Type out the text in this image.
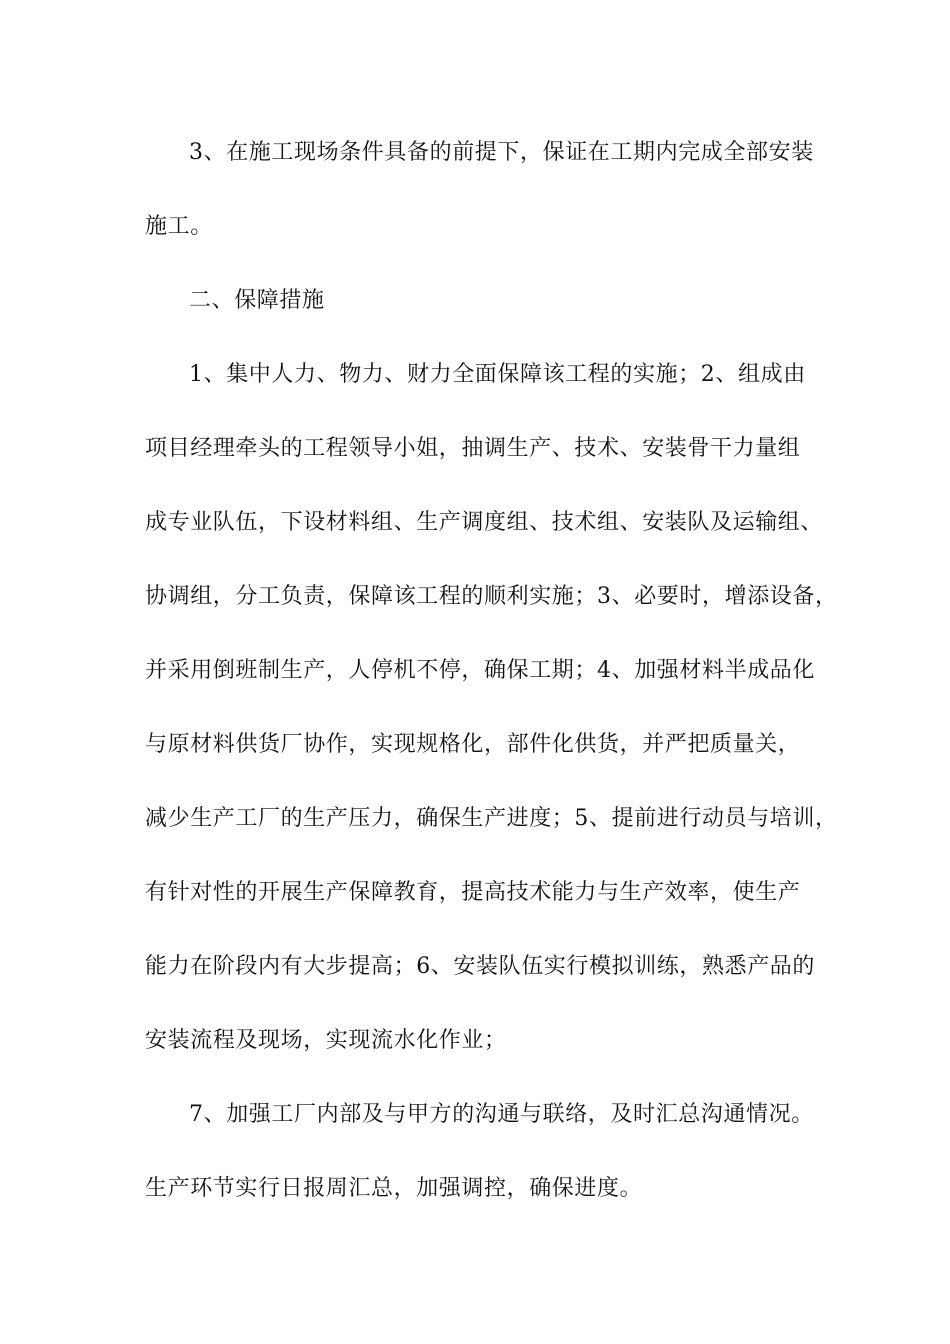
3、在施工现场条件具备的前提下，保证在工期内完成全部安装
施工。
二、保障措施
1、集中人力、物力、财力全面保障该工程的实施；2、组成由
项目经理牵头的工程领导小姐，抽调生产、技术、安装骨干力量组
成专业队伍，下设材料组、生产调度组、技术组、安装队及运输组、
协调组，分工负责，保障该工程的顺利实施；3、必要时，增添设备，
并采用倒班制生产，人停机不停，确保工期；4、加强材料半成品化
与原材料供货厂协作，实现规格化，部件化供货，并严把质量关，
减少生产工厂的生产压力，确保生产进度；5、提前进行动员与培训，
有针对性的开展生产保障教育，提高技术能力与生产效率，使生产
能力在阶段内有大步提高；6、安装队伍实行模拟训练，熟悉产品的
安装流程及现场，实现流水化作业；
7、加强工厂内部及与甲方的沟通与联络，及时汇总沟通情况。
生产环节实行日报周汇总，加强调控，确保进度。
